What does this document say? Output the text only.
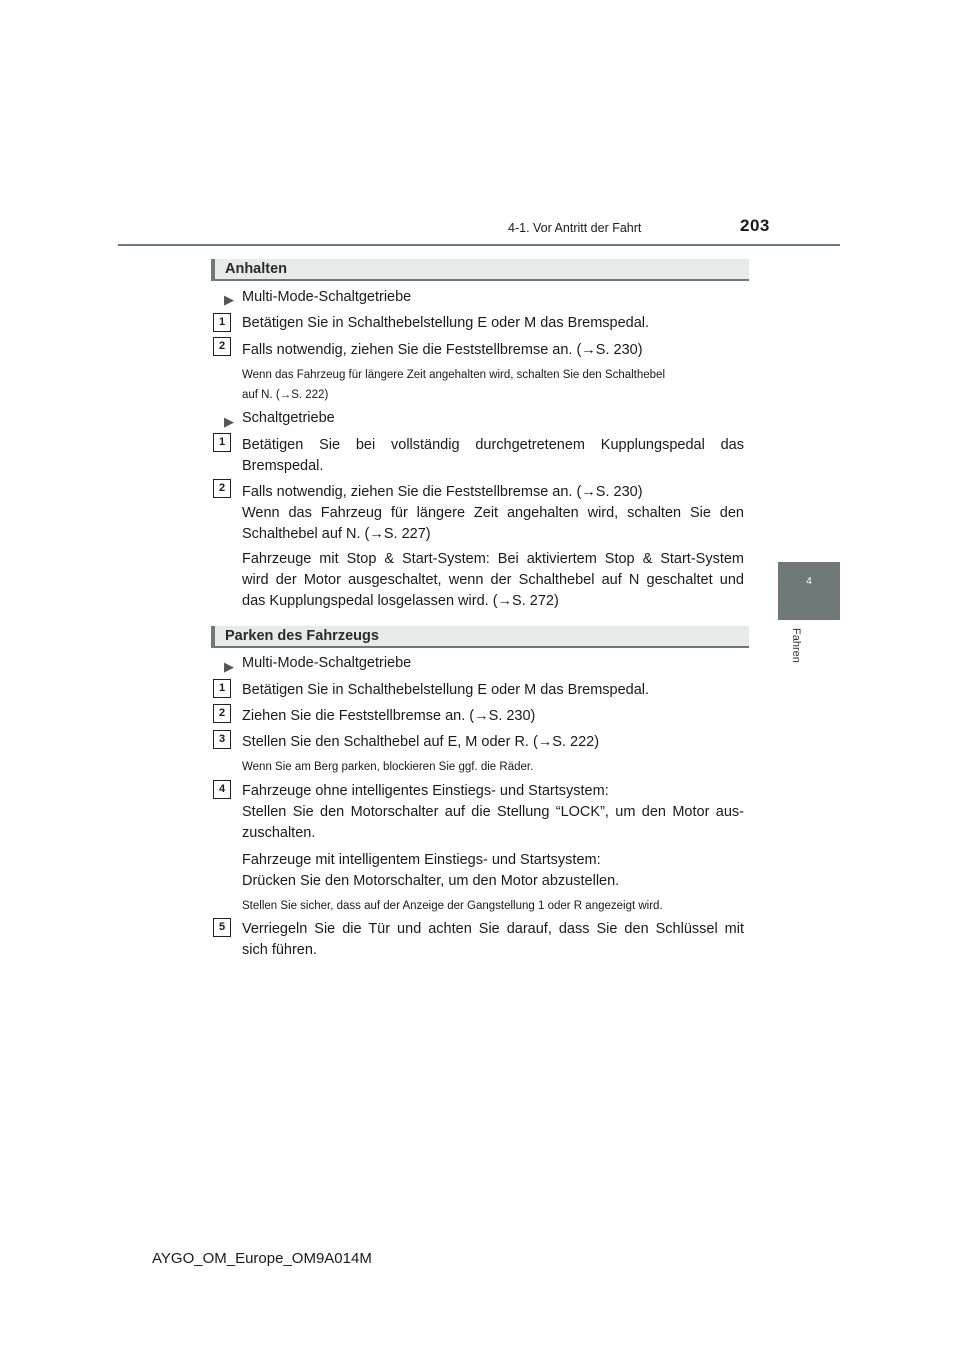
4-1. Vor Antritt der Fahrt	203
4
Fahren
Anhalten
▶ Multi-Mode-Schaltgetriebe
1	Betätigen Sie in Schalthebelstellung E oder M das Bremspedal.
2	Falls notwendig, ziehen Sie die Feststellbremse an. (→S. 230)
Wenn das Fahrzeug für längere Zeit angehalten wird, schalten Sie den Schalthebel
auf N. (→S. 222)
▶ Schaltgetriebe
1	Betätigen Sie bei vollständig durchgetretenem Kupplungspedal das
Bremspedal.
2	Falls notwendig, ziehen Sie die Feststellbremse an. (→S. 230)
Wenn das Fahrzeug für längere Zeit angehalten wird, schalten Sie den
Schalthebel auf N. (→S. 227)
Fahrzeuge mit Stop & Start-System: Bei aktiviertem Stop & Start-System
wird der Motor ausgeschaltet, wenn der Schalthebel auf N geschaltet und
das Kupplungspedal losgelassen wird. (→S. 272)
Parken des Fahrzeugs
▶ Multi-Mode-Schaltgetriebe
1	Betätigen Sie in Schalthebelstellung E oder M das Bremspedal.
2	Ziehen Sie die Feststellbremse an. (→S. 230)
3	Stellen Sie den Schalthebel auf E, M oder R. (→S. 222)
Wenn Sie am Berg parken, blockieren Sie ggf. die Räder.
4	Fahrzeuge ohne intelligentes Einstiegs- und Startsystem:
Stellen Sie den Motorschalter auf die Stellung “LOCK”, um den Motor aus-
zuschalten.
Fahrzeuge mit intelligentem Einstiegs- und Startsystem:
Drücken Sie den Motorschalter, um den Motor abzustellen.
Stellen Sie sicher, dass auf der Anzeige der Gangstellung 1 oder R angezeigt wird.
5	Verriegeln Sie die Tür und achten Sie darauf, dass Sie den Schlüssel mit
sich führen.
AYGO_OM_Europe_OM9A014M
